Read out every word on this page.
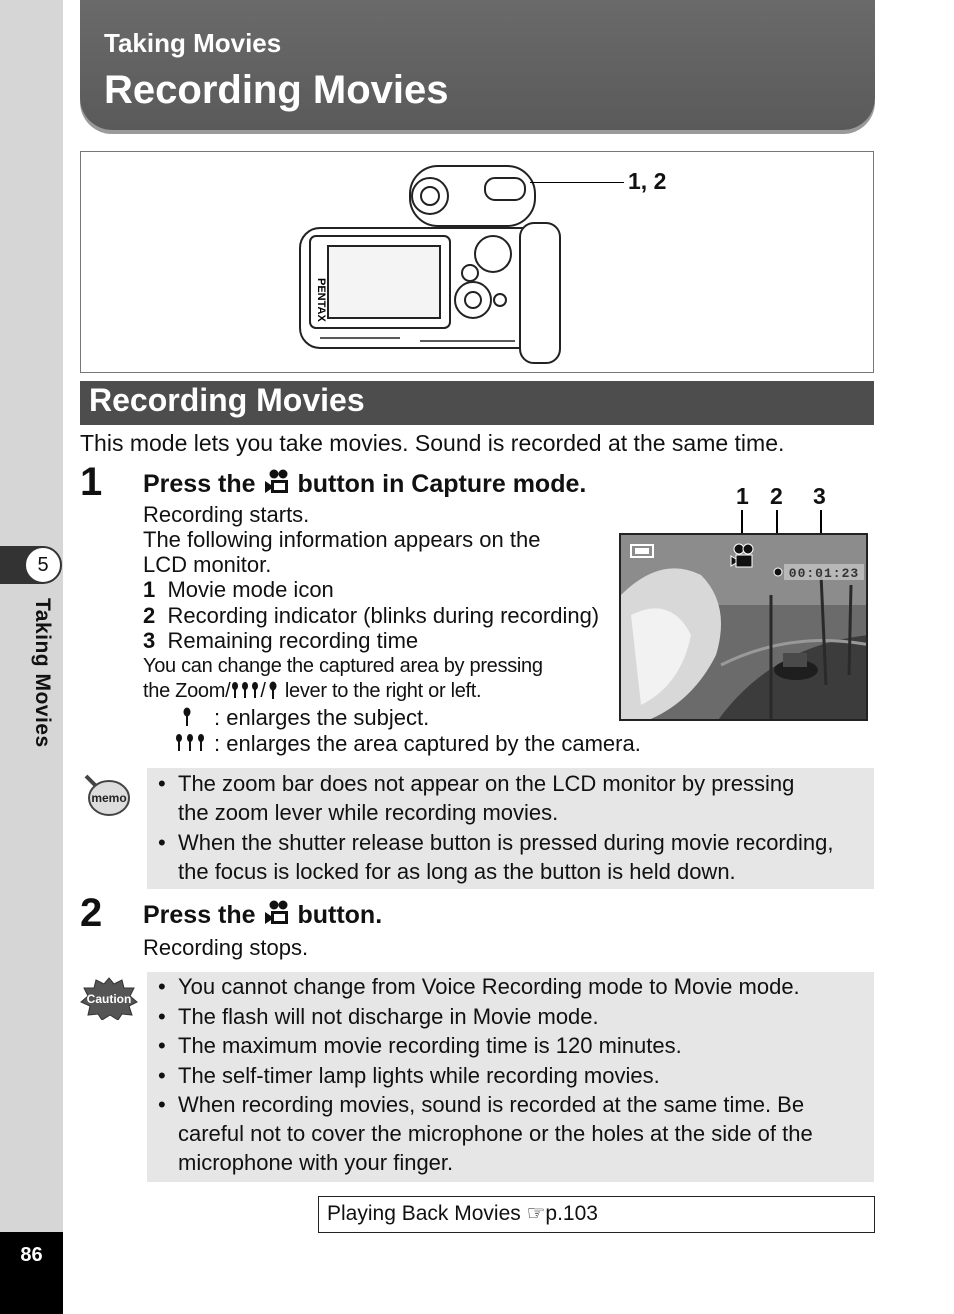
5
Taking Movies
86
Taking Movies
Recording Movies
PENTAX
1, 2
Recording Movies
This mode lets you take movies. Sound is recorded at the same time.
1 Press the  button in Capture mode.
Recording starts.
The following information appears on the
LCD monitor.
1 Movie mode icon
2 Recording indicator (blinks during recording)
3 Remaining recording time
You can change the captured area by pressing
the Zoom/ / lever to the right or left.
: enlarges the subject.
: enlarges the area captured by the camera.
1 2 3
00:01:23
memo
• The zoom bar does not appear on the LCD monitor by pressing
the zoom lever while recording movies.
• When the shutter release button is pressed during movie recording,
the focus is locked for as long as the button is held down.
2 Press the  button.
Recording stops.
Caution • You cannot change from Voice Recording mode to Movie mode.
• The flash will not discharge in Movie mode.
• The maximum movie recording time is 120 minutes.
• The self-timer lamp lights while recording movies.
• When recording movies, sound is recorded at the same time. Be
careful not to cover the microphone or the holes at the side of the
microphone with your finger.
Playing Back Movies ☞p.103
